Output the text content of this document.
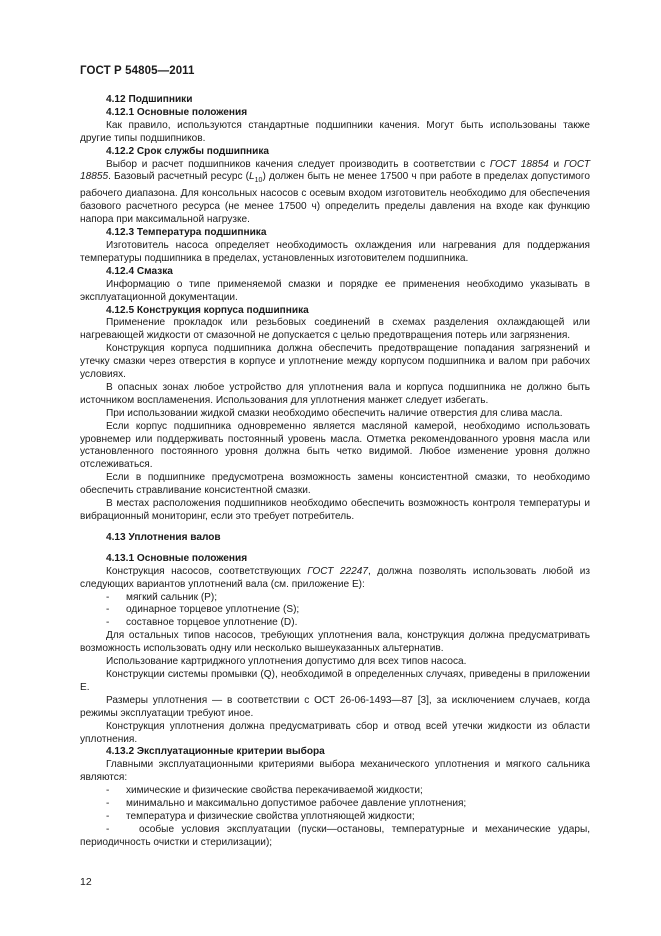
ГОСТ Р 54805—2011

4.12 Подшипники

4.12.1 Основные положения

Как правило, используются стандартные подшипники качения. Могут быть использованы также другие типы подшипников.

4.12.2 Срок службы подшипника

Выбор и расчет подшипников качения следует производить в соответствии с ГОСТ 18854 и ГОСТ 18855. Базовый расчетный ресурс $(L_{10})$ должен быть не менее 17500 ч при работе в пределах допустимого рабочего диапазона. Для консольных насосов с осевым входом изготовитель необходимо для обеспечения базового расчетного ресурса (не менее 17500 ч) определить пределы давления на входе как функцию напора при максимальной нагрузке.

4.12.3 Температура подшипника

Изготовитель насоса определяет необходимость охлаждения или нагревания для поддержания температуры подшипника в пределах, установленных изготовителем подшипника.

4.12.4 Смазка

Информацию о типе применяемой смазки и порядке ее применения необходимо указывать в эксплуатационной документации.

4.12.5 Конструкция корпуса подшипника

Применение прокладок или резьбовых соединений в схемах разделения охлаждающей или нагревающей жидкости от смазочной не допускается с целью предотвращения потерь или загрязнения.

Конструкция корпуса подшипника должна обеспечить предотвращение попадания загрязнений и утечку смазки через отверстия в корпусе и уплотнение между корпусом подшипника и валом при рабочих условиях.

В опасных зонах любое устройство для уплотнения вала и корпуса подшипника не должно быть источником воспламенения. Использования для уплотнения манжет следует избегать.

При использовании жидкой смазки необходимо обеспечить наличие отверстия для слива масла.

Если корпус подшипника одновременно является масляной камерой, необходимо использовать уровнемер или поддерживать постоянный уровень масла. Отметка рекомендованного уровня масла или установленного постоянного уровня должна быть четко видимой. Любое изменение уровня должно отслеживаться.

Если в подшипнике предусмотрена возможность замены консистентной смазки, то необходимо обеспечить стравливание консистентной смазки.

В местах расположения подшипников необходимо обеспечить возможность контроля температуры и вибрационный мониторинг, если это требует потребитель.

4.13 Уплотнения валов

4.13.1 Основные положения

Конструкция насосов, соответствующих ГОСТ 22247, должна позволять использовать любой из следующих вариантов уплотнений вала (см. приложение Е):

-	мягкий сальник (Р);

-	одинарное торцевое уплотнение (S);

-	составное торцевое уплотнение (D).

Для остальных типов насосов, требующих уплотнения вала, конструкция должна предусматривать возможность использовать одну или несколько вышеуказанных альтернатив.

Использование картриджного уплотнения допустимо для всех типов насоса.

Конструкции системы промывки (Q), необходимой в определенных случаях, приведены в приложении Е.

Размеры уплотнения — в соответствии с ОСТ 26-06-1493—87 [3], за исключением случаев, когда режимы эксплуатации требуют иное.

Конструкция уплотнения должна предусматривать сбор и отвод всей утечки жидкости из области уплотнения.

4.13.2 Эксплуатационные критерии выбора

Главными эксплуатационными критериями выбора механического уплотнения и мягкого сальника являются:

-	химические и физические свойства перекачиваемой жидкости;

-	минимально и максимально допустимое рабочее давление уплотнения;

-	температура и физические свойства уплотняющей жидкости;

-	особые условия эксплуатации (пуски—остановы, температурные и механические удары, периодичность очистки и стерилизации);

12
